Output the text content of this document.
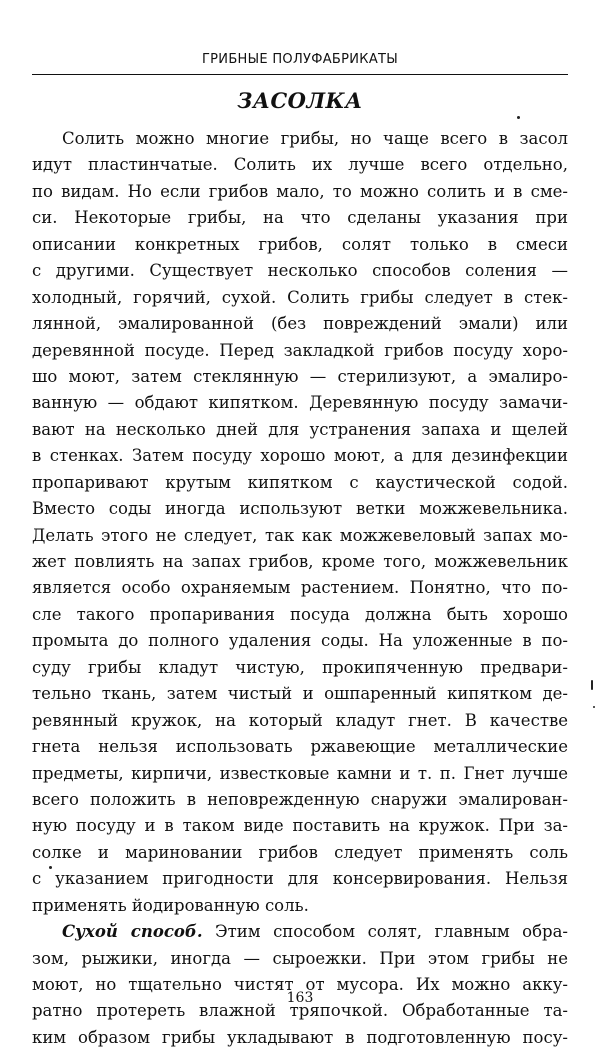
ГРИБНЫЕ ПОЛУФАБРИКАТЫ
ЗАСОЛКА
Солить можно многие грибы, но чаще всего в засол
идут пластинчатые. Солить их лучше всего отдельно,
по видам. Но если грибов мало, то можно солить и в сме-
си. Некоторые грибы, на что сделаны указания при
описании конкретных грибов, солят только в смеси
с другими. Существует несколько способов соления —
холодный, горячий, сухой. Солить грибы следует в стек-
лянной, эмалированной (без повреждений эмали) или
деревянной посуде. Перед закладкой грибов посуду хоро-
шо моют, затем стеклянную — стерилизуют, а эмалиро-
ванную — обдают кипятком. Деревянную посуду замачи-
вают на несколько дней для устранения запаха и щелей
в стенках. Затем посуду хорошо моют, а для дезинфекции
пропаривают крутым кипятком с каустической содой.
Вместо соды иногда используют ветки можжевельника.
Делать этого не следует, так как можжевеловый запах мо-
жет повлиять на запах грибов, кроме того, можжевельник
является особо охраняемым растением. Понятно, что по-
сле такого пропаривания посуда должна быть хорошо
промыта до полного удаления соды. На уложенные в по-
суду грибы кладут чистую, прокипяченную предвари-
тельно ткань, затем чистый и ошпаренный кипятком де-
ревянный кружок, на который кладут гнет. В качестве
гнета нельзя использовать ржавеющие металлические
предметы, кирпичи, известковые камни и т. п. Гнет лучше
всего положить в неповрежденную снаружи эмалирован-
ную посуду и в таком виде поставить на кружок. При за-
солке и мариновании грибов следует применять соль
с указанием пригодности для консервирования. Нельзя
применять йодированную соль.
Сухой способ. Этим способом солят, главным обра-
зом, рыжики, иногда — сыроежки. При этом грибы не
моют, но тщательно чистят от мусора. Их можно акку-
ратно протереть влажной тряпочкой. Обработанные та-
ким образом грибы укладывают в подготовленную посу-
163
